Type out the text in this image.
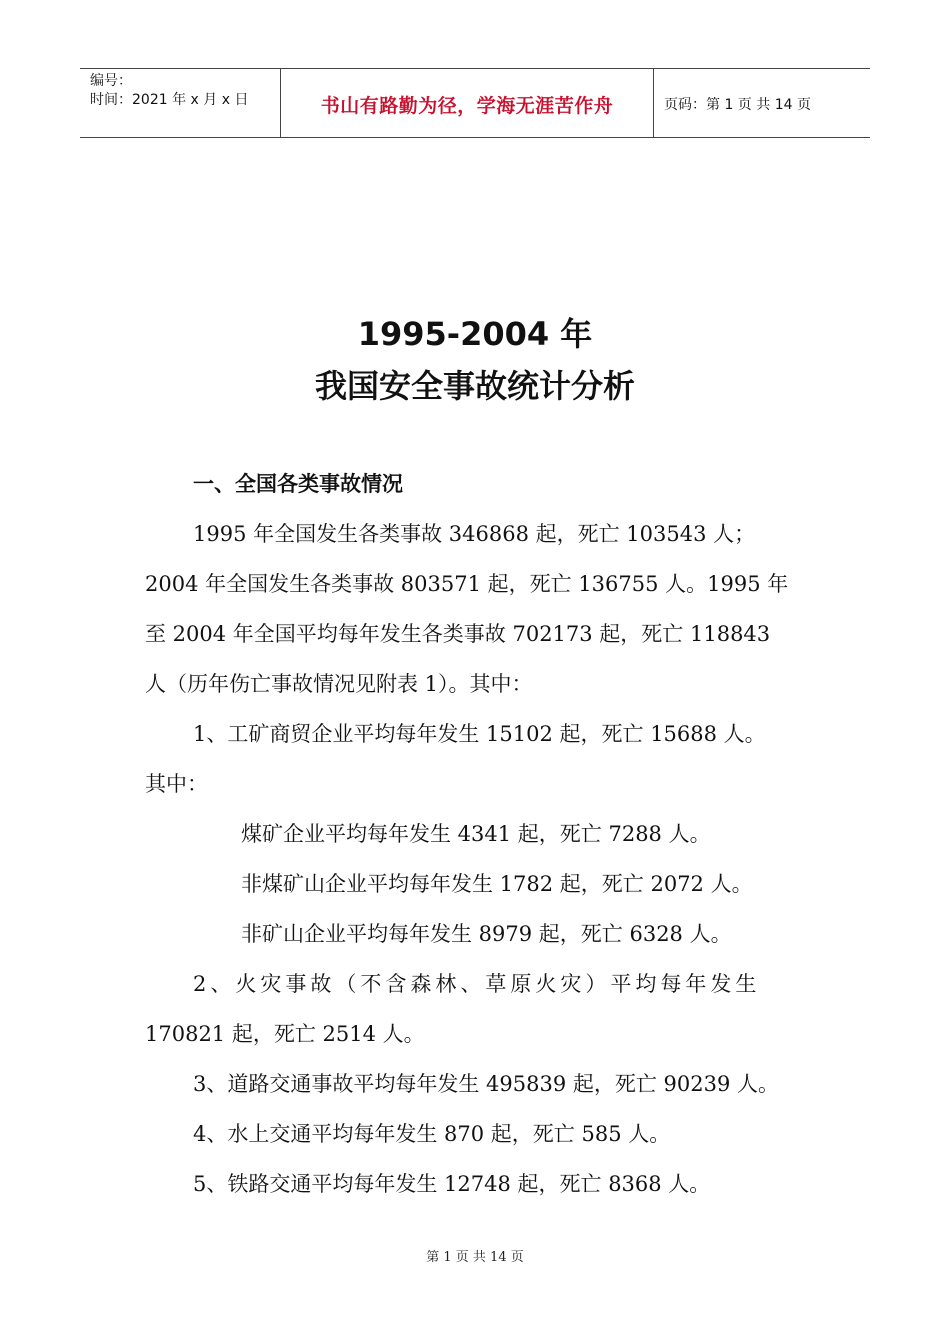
编号：
时间：2021 年 x 月 x 日	书山有路勤为径，学海无涯苦作舟	页码：第 1 页 共 14 页
1995-2004 年
我国安全事故统计分析
一、全国各类事故情况
1995 年全国发生各类事故 346868 起，死亡 103543 人；
2004 年全国发生各类事故 803571 起，死亡 136755 人。1995 年
至 2004 年全国平均每年发生各类事故 702173 起，死亡 118843
人（历年伤亡事故情况见附表 1）。其中：
1、工矿商贸企业平均每年发生 15102 起，死亡 15688 人。
其中：
煤矿企业平均每年发生 4341 起，死亡 7288 人。
非煤矿山企业平均每年发生 1782 起，死亡 2072 人。
非矿山企业平均每年发生 8979 起，死亡 6328 人。
2、火灾事故（不含森林、草原火灾）平均每年发生
170821 起，死亡 2514 人。
3、道路交通事故平均每年发生 495839 起，死亡 90239 人。
4、水上交通平均每年发生 870 起，死亡 585 人。
5、铁路交通平均每年发生 12748 起，死亡 8368 人。
第 1 页 共 14 页
